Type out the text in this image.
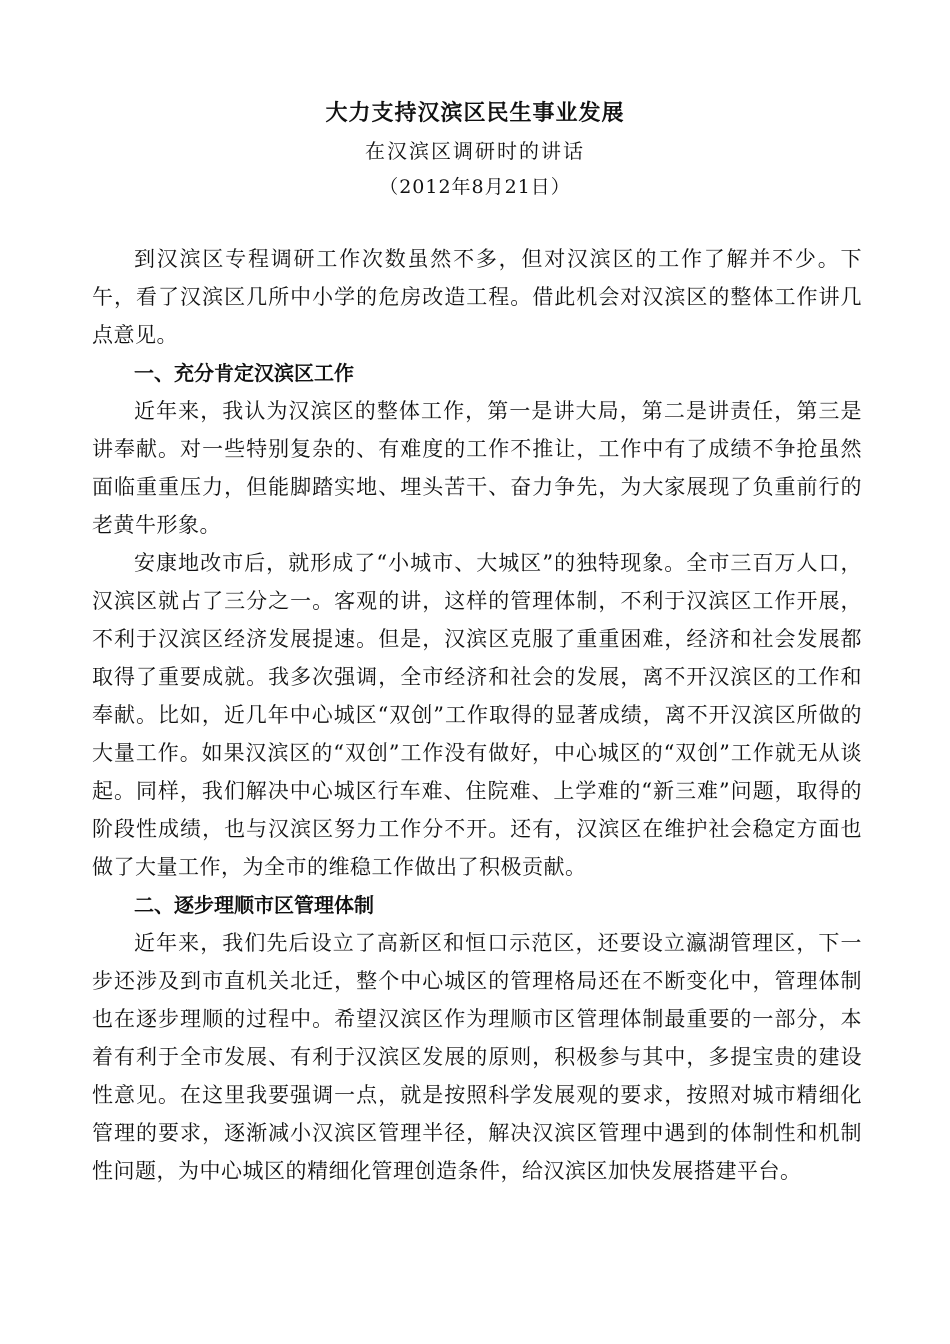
大力支持汉滨区民生事业发展
在汉滨区调研时的讲话
（2012年8月21日）

到汉滨区专程调研工作次数虽然不多，但对汉滨区的工作了解并不少。下午，看了汉滨区几所中小学的危房改造工程。借此机会对汉滨区的整体工作讲几点意见。

一、充分肯定汉滨区工作

近年来，我认为汉滨区的整体工作，第一是讲大局，第二是讲责任，第三是讲奉献。对一些特别复杂的、有难度的工作不推让，工作中有了成绩不争抢虽然面临重重压力，但能脚踏实地、埋头苦干、奋力争先，为大家展现了负重前行的老黄牛形象。

安康地改市后，就形成了“小城市、大城区”的独特现象。全市三百万人口，汉滨区就占了三分之一。客观的讲，这样的管理体制，不利于汉滨区工作开展，不利于汉滨区经济发展提速。但是，汉滨区克服了重重困难，经济和社会发展都取得了重要成就。我多次强调，全市经济和社会的发展，离不开汉滨区的工作和奉献。比如，近几年中心城区“双创”工作取得的显著成绩，离不开汉滨区所做的大量工作。如果汉滨区的“双创”工作没有做好，中心城区的“双创”工作就无从谈起。同样，我们解决中心城区行车难、住院难、上学难的“新三难”问题，取得的阶段性成绩，也与汉滨区努力工作分不开。还有，汉滨区在维护社会稳定方面也做了大量工作，为全市的维稳工作做出了积极贡献。

二、逐步理顺市区管理体制

近年来，我们先后设立了高新区和恒口示范区，还要设立瀛湖管理区，下一步还涉及到市直机关北迁，整个中心城区的管理格局还在不断变化中，管理体制也在逐步理顺的过程中。希望汉滨区作为理顺市区管理体制最重要的一部分，本着有利于全市发展、有利于汉滨区发展的原则，积极参与其中，多提宝贵的建设性意见。在这里我要强调一点，就是按照科学发展观的要求，按照对城市精细化管理的要求，逐渐减小汉滨区管理半径，解决汉滨区管理中遇到的体制性和机制性问题，为中心城区的精细化管理创造条件，给汉滨区加快发展搭建平台。
